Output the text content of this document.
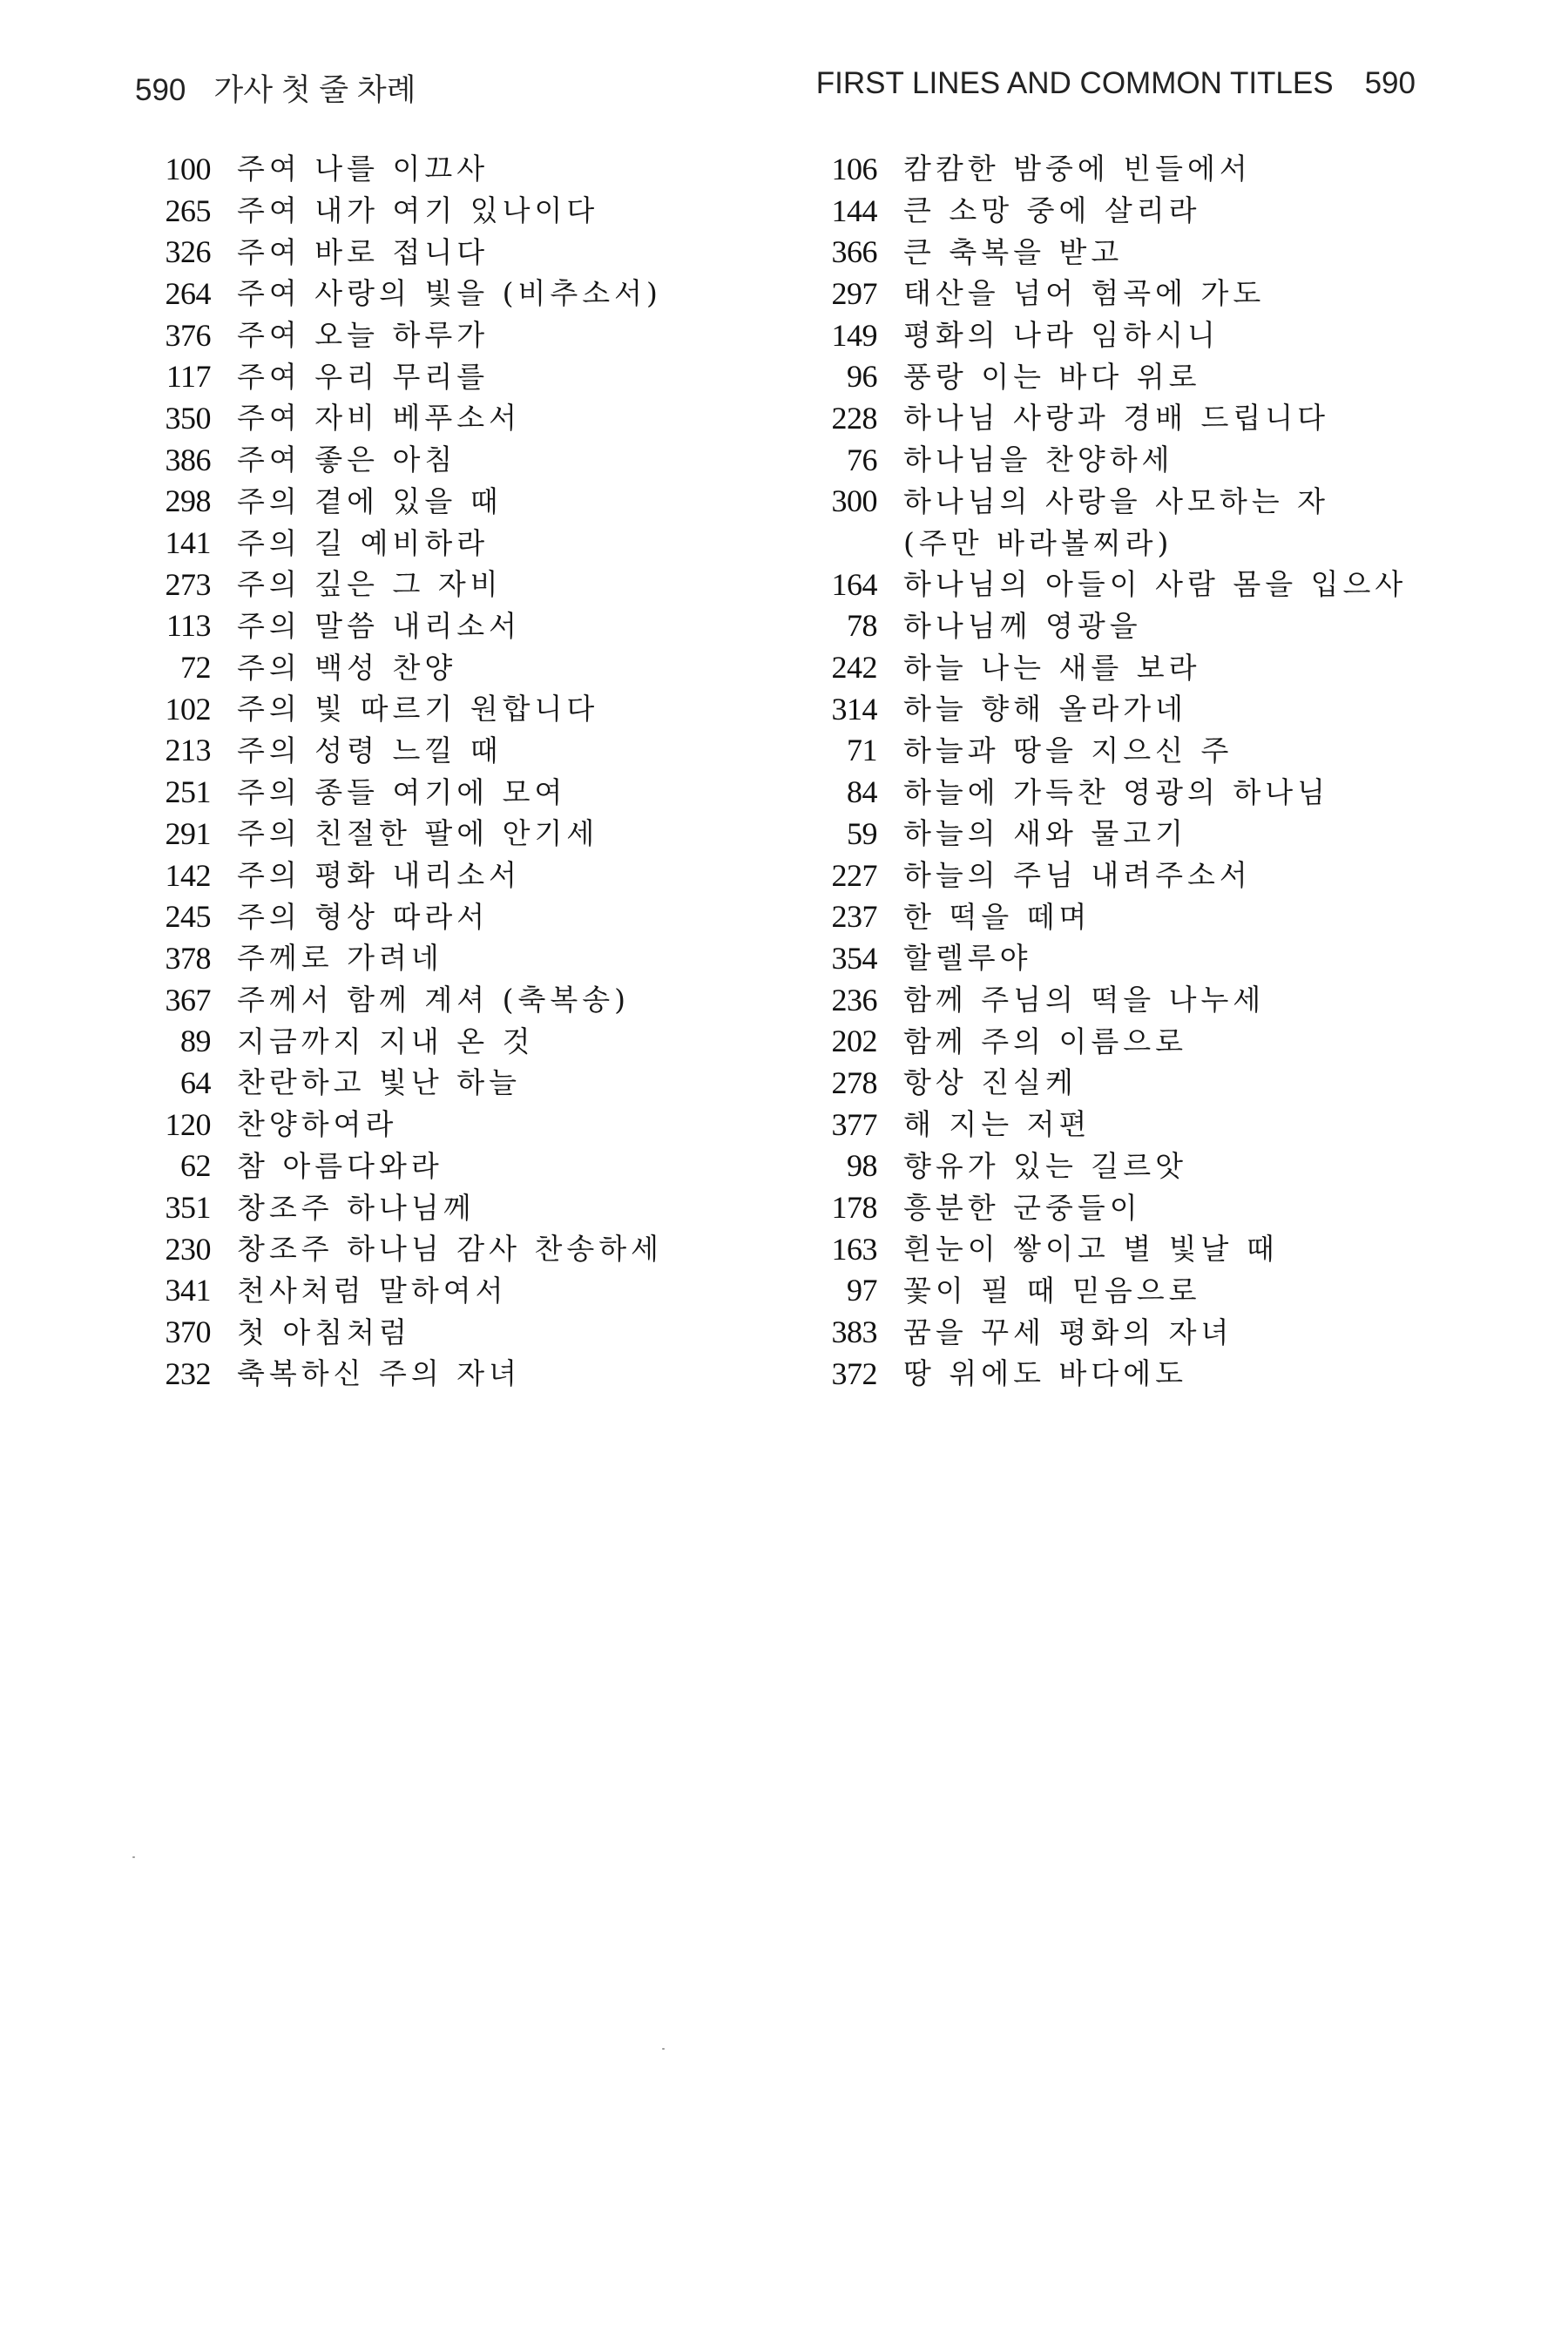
590 가사 첫 줄 차례	FIRST LINES AND COMMON TITLES 590
100 주여 나를 이끄사
265 주여 내가 여기 있나이다
326 주여 바로 접니다
264 주여 사랑의 빛을 (비추소서)
376 주여 오늘 하루가
117 주여 우리 무리를
350 주여 자비 베푸소서
386 주여 좋은 아침
298 주의 곁에 있을 때
141 주의 길 예비하라
273 주의 깊은 그 자비
113 주의 말씀 내리소서
72 주의 백성 찬양
102 주의 빛 따르기 원합니다
213 주의 성령 느낄 때
251 주의 종들 여기에 모여
291 주의 친절한 팔에 안기세
142 주의 평화 내리소서
245 주의 형상 따라서
378 주께로 가려네
367 주께서 함께 계셔 (축복송)
89 지금까지 지내 온 것
64 찬란하고 빛난 하늘
120 찬양하여라
62 참 아름다와라
351 창조주 하나님께
230 창조주 하나님 감사 찬송하세
341 천사처럼 말하여서
370 첫 아침처럼
232 축복하신 주의 자녀
106 캄캄한 밤중에 빈들에서
144 큰 소망 중에 살리라
366 큰 축복을 받고
297 태산을 넘어 험곡에 가도
149 평화의 나라 임하시니
96 풍랑 이는 바다 위로
228 하나님 사랑과 경배 드립니다
76 하나님을 찬양하세
300 하나님의 사랑을 사모하는 자
(주만 바라볼찌라)
164 하나님의 아들이 사람 몸을 입으사
78 하나님께 영광을
242 하늘 나는 새를 보라
314 하늘 향해 올라가네
71 하늘과 땅을 지으신 주
84 하늘에 가득찬 영광의 하나님
59 하늘의 새와 물고기
227 하늘의 주님 내려주소서
237 한 떡을 떼며
354 할렐루야
236 함께 주님의 떡을 나누세
202 함께 주의 이름으로
278 항상 진실케
377 해 지는 저편
98 향유가 있는 길르앗
178 흥분한 군중들이
163 흰눈이 쌓이고 별 빛날 때
97 꽃이 필 때 믿음으로
383 꿈을 꾸세 평화의 자녀
372 땅 위에도 바다에도
